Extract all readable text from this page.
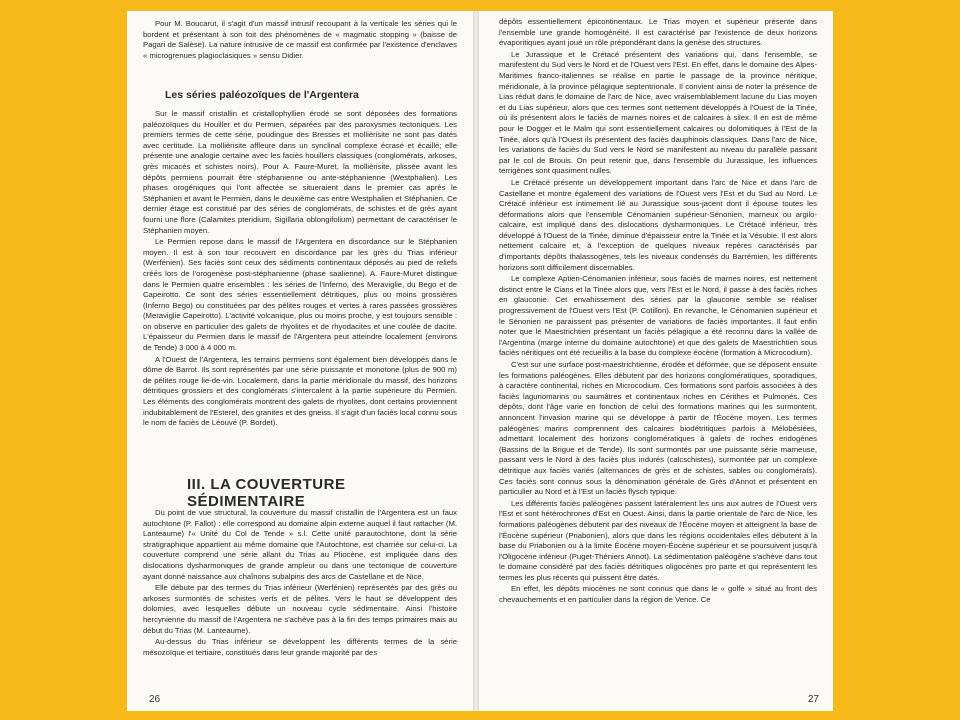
Pour M. Boucarut, il s'agit d'un massif intrusif recoupant à la verticale les séries qui le bordent et présentant à son toit des phénomènes de « magmatic stopping » (baisse de Pagari de Salèse). La nature intrusive de ce massif est confirmée par l'existence d'enclaves « microgrenues plagioclasiques » sensu Didier.

Les séries paléozoïques de l'Argentera

Sur le massif cristallin et cristallophyllien érodé se sont déposées des formations paléozoïques du Houiller et du Permien, séparées par des paroxysmes tectoniques. Les premiers termes de cette série, poudingue des Bresses et mollièrisite ne sont pas datés avec certitude. La mollièrisite affleure dans un synclinal complexe écrasé et écaillé; elle présente une analogie certaine avec les faciès houillers classiques (conglomérats, arkoses, grès micacés et schistes noirs). Pour A. Faure-Muret, la mollièrisite, plissée avant les dépôts permiens pourrait être stéphanienne ou ante-stéphanienne (Westphalien). Les phases orogéniques qui l'ont affectée se situeraient dans le premier cas après le Stéphanien et avant le Permien, dans le deuxième cas entre Westphalien et Stéphanien. Ce dernier étage est constitué par des séries de conglomérats, de schistes et de grès ayant fourni une flore (Calamites pteridium, Sigillaria oblongifolium) permettant de caractériser le Stéphanien moyen.

Le Permien repose dans le massif de l'Argentera en discordance sur le Stéphanien moyen. Il est à son tour recouvert en discordance par les grès du Trias inférieur (Werfénien). Ses faciès sont ceux des sédiments continentaux déposés au pied de reliefs créés lors de l'orogenèse post-stéphanienne (phase saalienne). A. Faure-Muret distingue dans le Permien quatre ensembles : les séries de l'Inferno, des Meraviglie, du Bego et de Capeirotto. Ce sont des séries essentiellement détritiques, plus ou moins grossières (Inferno Bego) ou constituées par des pélites rouges et vertes à rares passées grossières (Meraviglie Capeirotto). L'activité volcanique, plus ou moins proche, y est toujours sensible : on observe en particulier des galets de rhyolites et de rhyodacites et une coulée de dacite. L'épaisseur du Permien dans le massif de l'Argentera peut atteindre localement (environs de Tende) 3 000 à 4 000 m.

A l'Ouest de l'Argentera, les terrains permiens sont également bien développés dans le dôme de Barrot. Ils sont représentés par une série puissante et monotone (plus de 900 m) de pélites rouge lie-de-vin. Localement, dans la partie méridionale du massif, des horizons détritiques grossiers et des conglomérats s'intercalent à la partie supérieure du Permien. Les éléments des conglomérats montrent des galets de rhyolites, dont certains proviennent indubitablement de l'Esterel, des granites et des gneiss. Il s'agit d'un faciès local connu sous le nom de faciès de Léouvé (P. Bordet).

III. LA COUVERTURE SÉDIMENTAIRE

Du point de vue structural, la couverture du massif cristallin de l'Argentera est un faux autochtone (P. Fallot) : elle correspond au domaine alpin externe auquel il faut rattacher (M. Lanteaume) l'« Unité du Col de Tende » s.l. Cette unité parautochtone, dont la série stratigraphique appartient au même domaine que l'Autochtone, est charriée sur celui-ci. La couverture comprend une série allant du Trias au Pliocène, est impliquée dans des dislocations dysharmoniques de grande ampleur ou dans une tectonique de couverture ayant donné naissance aux chaînons subalpins des arcs de Castellane et de Nice.

Elle débute par des termes du Trias inférieur (Werfénien) représentés par des grès ou arkoses surmontés de schistes verts et de pélites. Vers le haut se développent des dolomies, avec lesquelles débute un nouveau cycle sédimentaire. Ainsi l'histoire hercynienne du massif de l'Argentera ne s'achève pas à la fin des temps primaires mais au début du Trias (M. Lanteaume).

Au-dessus du Trias inférieur se développent les différents termes de la série mésozoïque et tertiaire, constitués dans leur grande majorité par des

26

dépôts essentiellement épicontinentaux. Le Trias moyen et supérieur présente dans l'ensemble une grande homogénéité. Il est caractérisé par l'existence de deux horizons évaporitiques ayant joué un rôle prépondérant dans la genèse des structures.

Le Jurassique et le Crétacé présentent des variations qui, dans l'ensemble, se manifestent du Sud vers le Nord et de l'Ouest vers l'Est. En effet, dans le domaine des Alpes-Maritimes franco-italiennes se réalise en partie le passage de la province néritique, méridionale, à la province pélagique septentrionale. Il convient ainsi de noter la présence de Lias réduit dans le domaine de l'arc de Nice, avec vraisemblablement lacune du Lias moyen et du Lias supérieur, alors que ces termes sont nettement développés à l'Ouest de la Tinée, où ils présentent alors le faciès de marnes noires et de calcaires à silex. Il en est de même pour le Dogger et le Malm qui sont essentiellement calcaires ou dolomitiques à l'Est de la Tinée, alors qu'à l'Ouest ils présentent des faciès dauphinois classiques. Dans l'arc de Nice, les variations de faciès du Sud vers le Nord se manifestent au niveau du parallèle passant par le col de Brouis. On peut retenir que, dans l'ensemble du Jurassique, les influences terrigènes sont quasiment nulles.

Le Crétacé présente un développement important dans l'arc de Nice et dans l'arc de Castellane et montre également des variations de l'Ouest vers l'Est et du Sud au Nord. Le Crétacé inférieur est intimement lié au Jurassique sous-jacent dont il épouse toutes les déformations alors que l'ensemble Cénomanien supérieur-Sénonien, marneux ou argilo-calcaire, est impliqué dans des dislocations dysharmoniques. Le Crétacé inférieur, très développé à l'Ouest de la Tinée, diminue d'épaisseur entre la Tinée et la Vésubie. Il est alors nettement calcaire et, à l'exception de quelques niveaux repères caractérisés par d'importants dépôts thalassogènes, tels les niveaux condensés du Barrémien, les différents horizons sont difficilement discernables.

Le complexe Aptien-Cénomanien inférieur, sous faciès de marnes noires, est nettement distinct entre le Cians et la Tinée alors que, vers l'Est et le Nord, il passe à des faciès riches en glauconie. Cet envahissement des séries par la glauconie semble se réaliser progressivement de l'Ouest vers l'Est (P. Cotillon). En revanche, le Cénomanien supérieur et le Sénonien ne paraissent pas présenter de variations de faciès importantes. Il faut enfin noter que le Maestrichtien présentant un faciès pélagique a été reconnu dans la vallée de l'Argentina (marge interne du domaine autochtone) et que des galets de Maestrichtien sous faciès néritiques ont été recueillis à la base du complexe éocène (formation à Microcodium).

C'est sur une surface post-maestrichtienne, érodée et déformée, que se déposent ensuite les formations paléogènes. Elles débutent par des horizons conglomératiques, sporadiques, à caractère continental, riches en Microcodium. Ces formations sont parfois associées à des faciès lagunomarins ou saumâtres et continentaux riches en Cérithes et Pulmonés. Ces dépôts, dont l'âge varie en fonction de celui des formations marines qui les surmontent, annoncent l'invasion marine qui se développe à partir de l'Éocène moyen. Les termes paléogènes marins comprennent des calcaires biodétritiques parfois à Mélobésiées, admettant localement des horizons conglomératiques à galets de roches endogènes (Bassins de la Brigue et de Tende). Ils sont surmontés par une puissante série marneuse, passant vers le Nord à des faciès plus indurés (calcschistes), surmontée par un complexe détritique aux faciès variés (alternances de grès et de schistes, sables ou conglomérats). Ces faciès sont connus sous la dénomination générale de Grès d'Annot et présentent en particulier au Nord et à l'Est un faciès flysch typique.

Les différents faciès paléogènes passent latéralement les uns aux autres de l'Ouest vers l'Est et sont hétérochrones d'Est en Ouest. Ainsi, dans la partie orientale de l'arc de Nice, les formations paléogènes débutent par des niveaux de l'Éocène moyen et atteignent la base de l'Éocène supérieur (Priabonien), alors que dans les régions occidentales elles débutent à la base du Priabonien ou à la limite Éocène moyen-Éocène supérieur et se poursuivent jusqu'à l'Oligocène inférieur (Puget-Théniers Annot). La sédimentation paléogène s'achève dans tout le domaine considéré par des faciès détritiques oligocènes pro parte et qui représentent les termes les plus récents qui puissent être datés.

En effet, les dépôts miocènes ne sont connus que dans le « golfe » situé au front des chevauchements et en particulier dans la région de Vence. Ce

27
